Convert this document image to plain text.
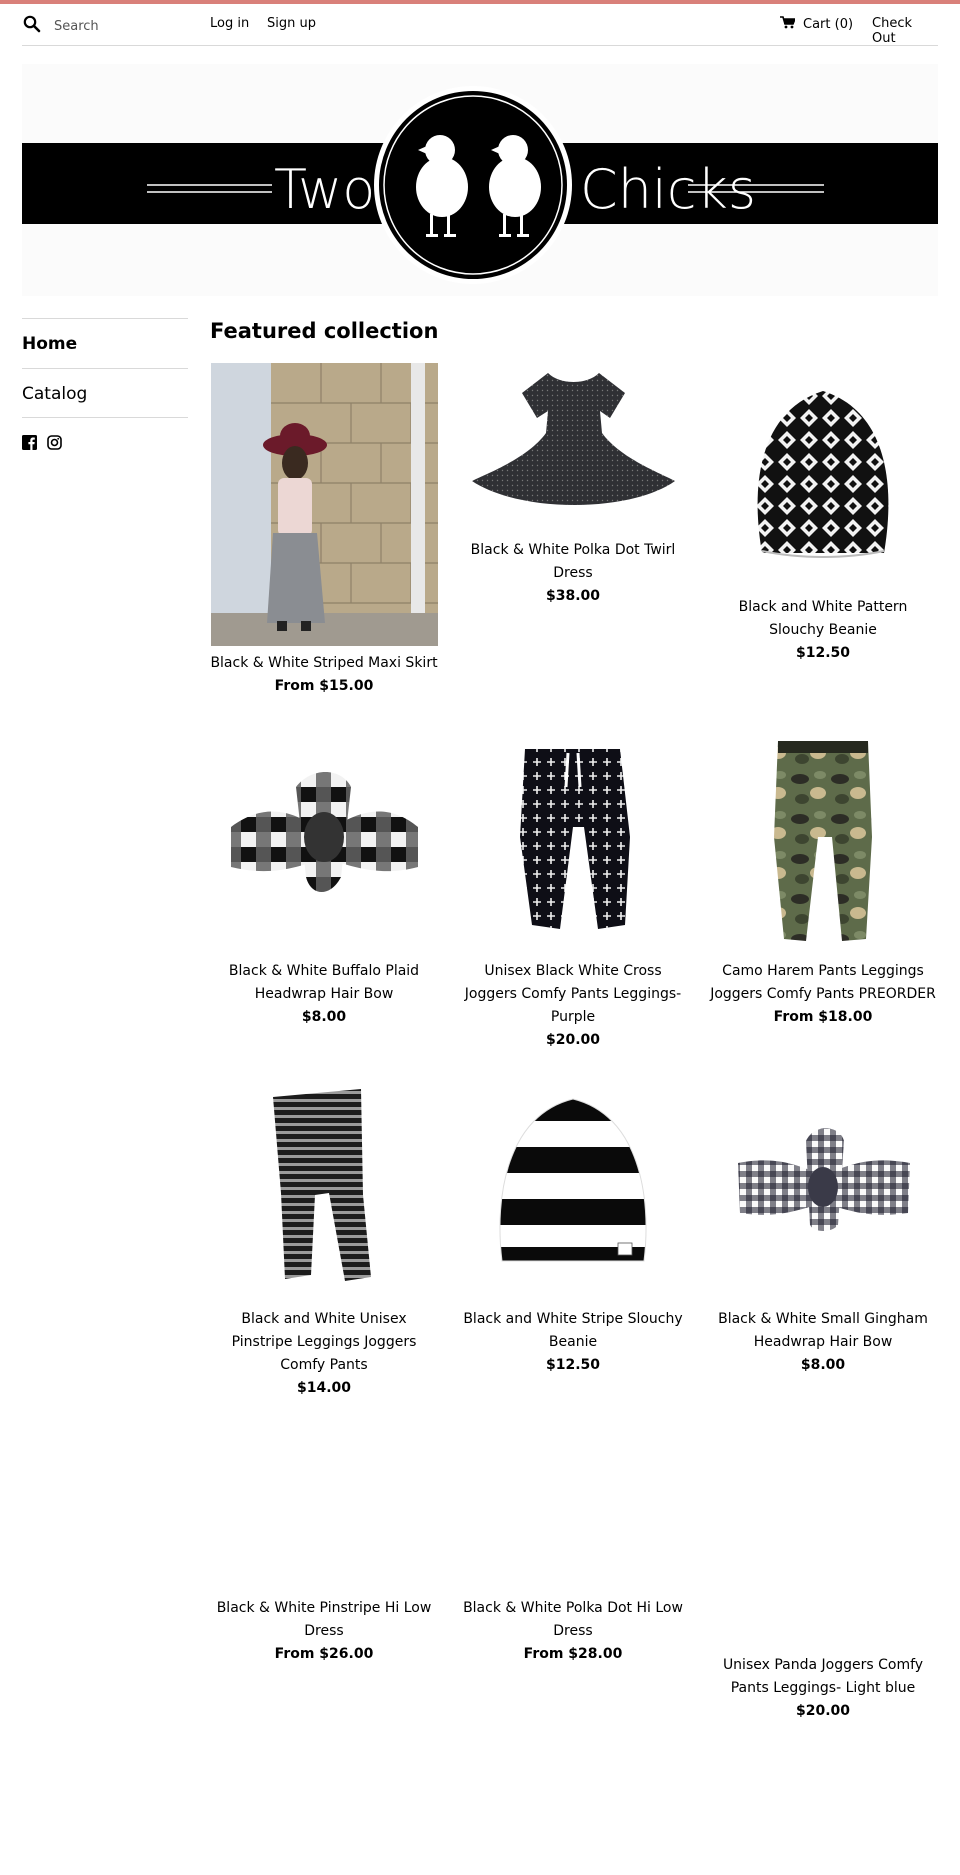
Search
Log in Sign up	Cart (0) Check Out
Two	Chicks
Home
Catalog
Featured collection
Black & White Striped Maxi Skirt
From $15.00
Black & White Polka Dot Twirl Dress
$38.00
Black and White Pattern Slouchy Beanie
$12.50
Black & White Buffalo Plaid Headwrap Hair Bow
$8.00
Unisex Black White Cross Joggers Comfy Pants Leggings- Purple
$20.00
Camo Harem Pants Leggings Joggers Comfy Pants PREORDER
From $18.00
Black and White Unisex Pinstripe Leggings Joggers Comfy Pants
$14.00
Black and White Stripe Slouchy Beanie
$12.50
Black & White Small Gingham Headwrap Hair Bow
$8.00
Black & White Pinstripe Hi Low Dress
From $26.00
Black & White Polka Dot Hi Low Dress
From $28.00
Unisex Panda Joggers Comfy Pants Leggings- Light blue
$20.00
